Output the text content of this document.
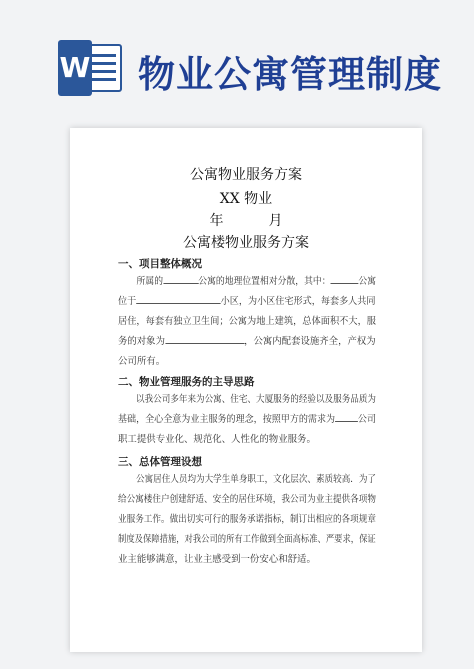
W 物业公寓管理制度
公寓物业服务方案
XX 物业
年	月
公寓楼物业服务方案
一、项目整体概况
所属的	公寓的地理位置相对分散，其中：	公寓
位于	小区，为小区住宅形式，每套多人共同
居住，每套有独立卫生间；公寓为地上建筑，总体面积不大，服
务的对象为	，公寓内配套设施齐全，产权为
公司所有。
二、物业管理服务的主导思路
以我公司多年来为公寓、住宅、大厦服务的经验以及服务品质为
基础，全心全意为业主服务的理念，按照甲方的需求为 公司
职工提供专业化、规范化、人性化的物业服务。
三、总体管理设想
公寓居住人员均为大学生单身职工，文化层次、素质较高．为了
给公寓楼住户创建舒适、安全的居住环境，我公司为业主提供各项物
业服务工作。做出切实可行的服务承诺指标，制订出相应的各项规章
制度及保障措施，对我公司的所有工作做到全面高标准、严要求，保证
业主能够满意，让业主感受到一份安心和舒适。
